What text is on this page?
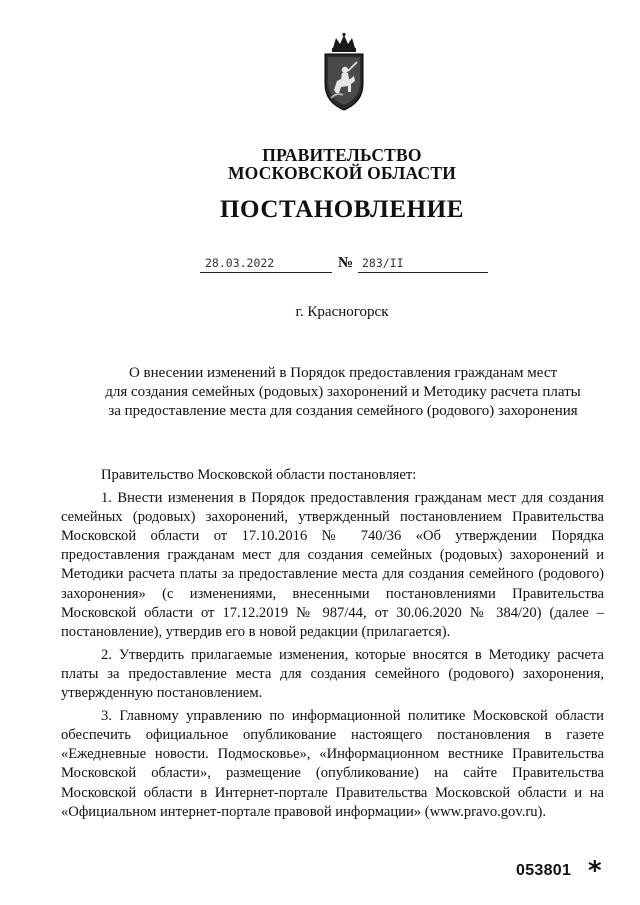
ПРАВИТЕЛЬСТВО
МОСКОВСКОЙ ОБЛАСТИ
ПОСТАНОВЛЕНИЕ
28.03.2022	№ 283/II
г. Красногорск
О внесении изменений в Порядок предоставления гражданам мест
для создания семейных (родовых) захоронений и Методику расчета платы
за предоставление места для создания семейного (родового) захоронения

Правительство Московской области постановляет:

1. Внести изменения в Порядок предоставления гражданам мест для создания семейных (родовых) захоронений, утвержденный постановлением Правительства Московской области от 17.10.2016 № 740/36 «Об утверждении Порядка предоставления гражданам мест для создания семейных (родовых) захоронений и Методики расчета платы за предоставление места для создания семейного (родового) захоронения» (с изменениями, внесенными постановлениями Правительства Московской области от 17.12.2019 № 987/44, от 30.06.2020 № 384/20) (далее – постановление), утвердив его в новой редакции (прилагается).

2. Утвердить прилагаемые изменения, которые вносятся в Методику расчета платы за предоставление места для создания семейного (родового) захоронения, утвержденную постановлением.

3. Главному управлению по информационной политике Московской области обеспечить официальное опубликование настоящего постановления в газете «Ежедневные новости. Подмосковье», «Информационном вестнике Правительства Московской области», размещение (опубликование) на сайте Правительства Московской области в Интернет-портале Правительства Московской области и на «Официальном интернет-портале правовой информации» (www.pravo.gov.ru).

053801 *
